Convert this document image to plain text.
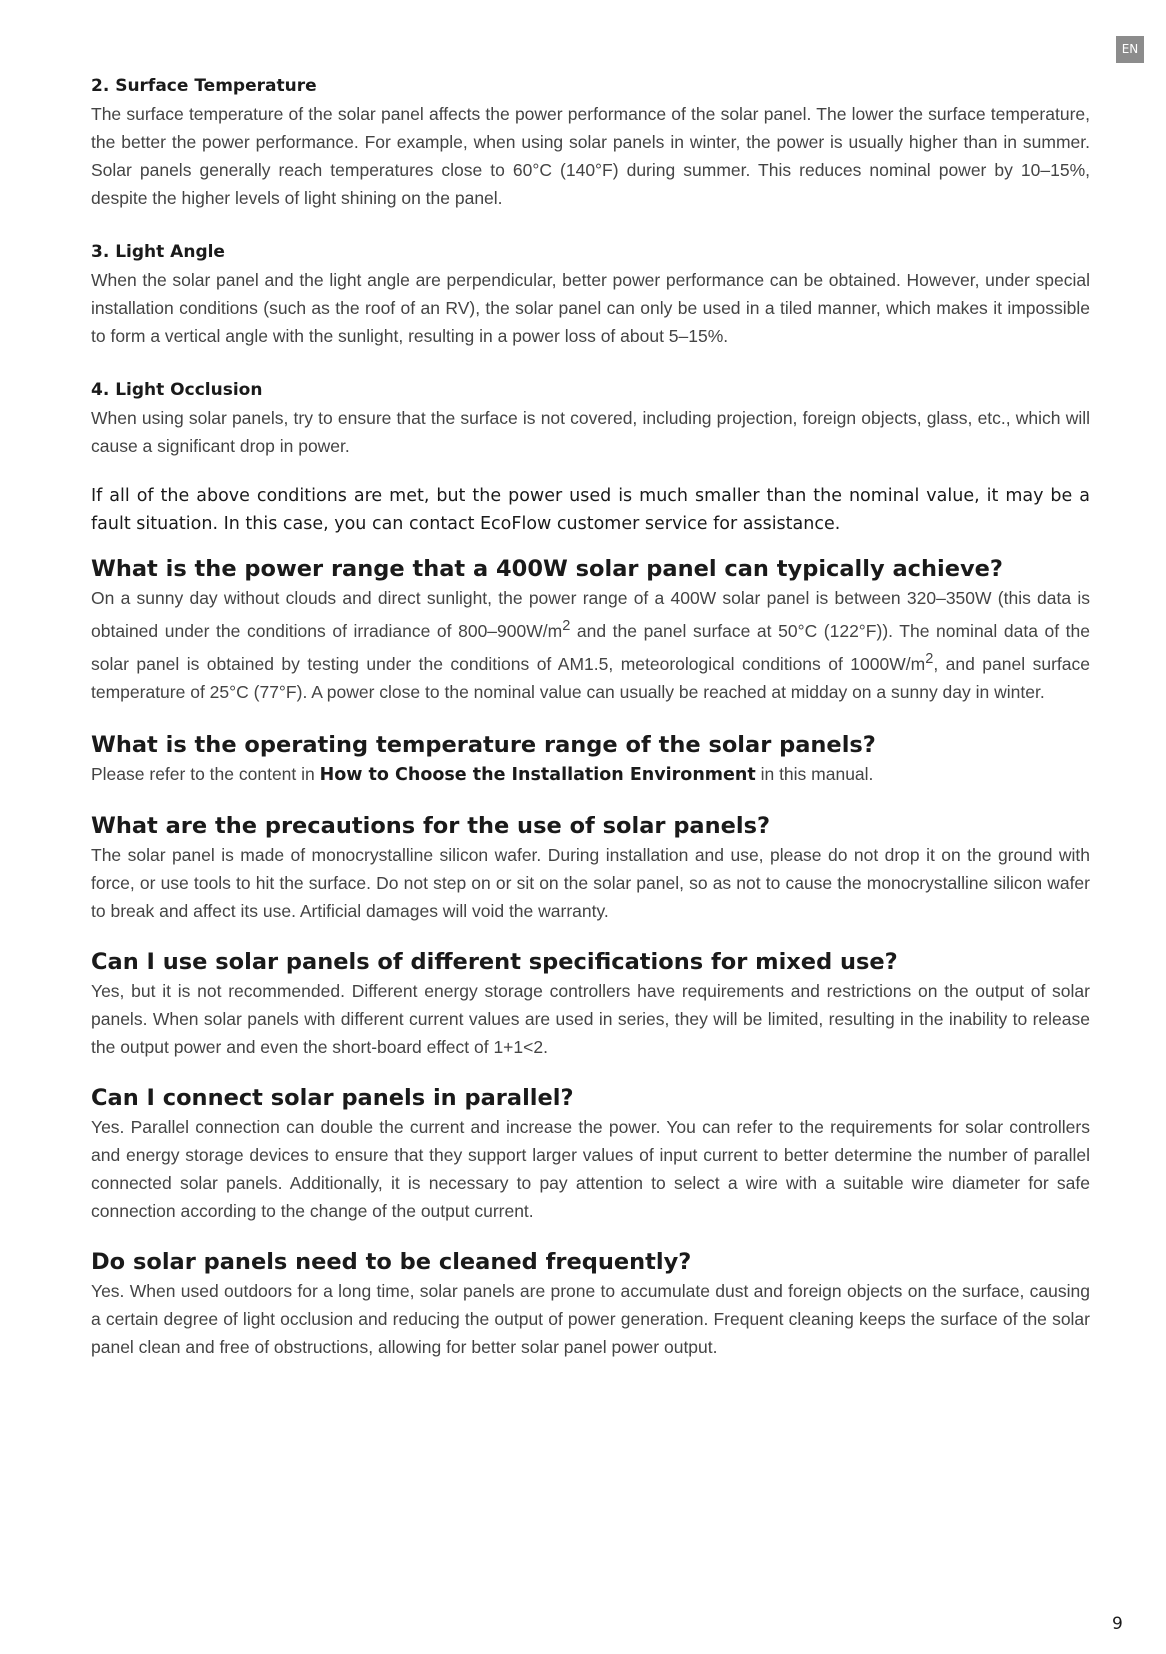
EN
2. Surface Temperature

The surface temperature of the solar panel affects the power performance of the solar panel. The lower the surface temperature, the better the power performance. For example, when using solar panels in winter, the power is usually higher than in summer. Solar panels generally reach temperatures close to 60°C (140°F) during summer. This reduces nominal power by 10–15%, despite the higher levels of light shining on the panel.

3. Light Angle

When the solar panel and the light angle are perpendicular, better power performance can be obtained. However, under special installation conditions (such as the roof of an RV), the solar panel can only be used in a tiled manner, which makes it impossible to form a vertical angle with the sunlight, resulting in a power loss of about 5–15%.

4. Light Occlusion

When using solar panels, try to ensure that the surface is not covered, including projection, foreign objects, glass, etc., which will cause a significant drop in power.

If all of the above conditions are met, but the power used is much smaller than the nominal value, it may be a fault situation. In this case, you can contact EcoFlow customer service for assistance.

What is the power range that a 400W solar panel can typically achieve?

On a sunny day without clouds and direct sunlight, the power range of a 400W solar panel is between 320–350W (this data is obtained under the conditions of irradiance of $800-900W/m^2$ and the panel surface at 50°C (122°F)). The nominal data of the solar panel is obtained by testing under the conditions of AM1.5, meteorological conditions of $1000W/m^2$, and panel surface temperature of 25°C (77°F). A power close to the nominal value can usually be reached at midday on a sunny day in winter.

What is the operating temperature range of the solar panels?

Please refer to the content in How to Choose the Installation Environment in this manual.

What are the precautions for the use of solar panels?

The solar panel is made of monocrystalline silicon wafer. During installation and use, please do not drop it on the ground with force, or use tools to hit the surface. Do not step on or sit on the solar panel, so as not to cause the monocrystalline silicon wafer to break and affect its use. Artificial damages will void the warranty.

Can I use solar panels of different specifications for mixed use?

Yes, but it is not recommended. Different energy storage controllers have requirements and restrictions on the output of solar panels. When solar panels with different current values are used in series, they will be limited, resulting in the inability to release the output power and even the short-board effect of 1+1<2.

Can I connect solar panels in parallel?

Yes. Parallel connection can double the current and increase the power. You can refer to the requirements for solar controllers and energy storage devices to ensure that they support larger values of input current to better determine the number of parallel connected solar panels. Additionally, it is necessary to pay attention to select a wire with a suitable wire diameter for safe connection according to the change of the output current.

Do solar panels need to be cleaned frequently?

Yes. When used outdoors for a long time, solar panels are prone to accumulate dust and foreign objects on the surface, causing a certain degree of light occlusion and reducing the output of power generation. Frequent cleaning keeps the surface of the solar panel clean and free of obstructions, allowing for better solar panel power output.

9
